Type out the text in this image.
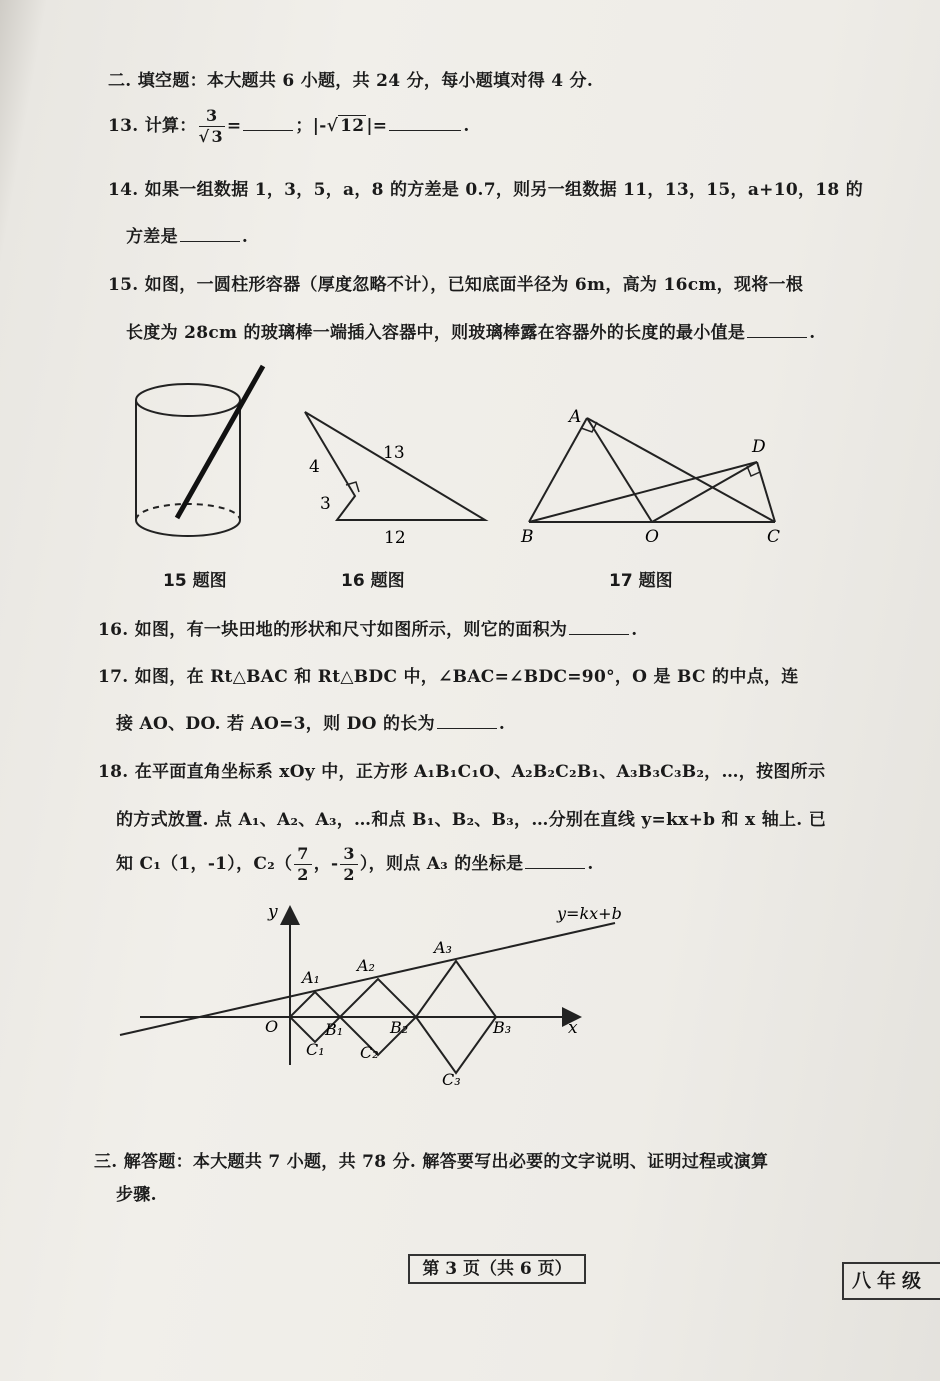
二. 填空题：本大题共 6 小题，共 24 分，每小题填对得 4 分.
13. 计算： $\frac{3}{√ 3}$ =	；|-√ 12 |=	.
14. 如果一组数据 1，3，5，a，8 的方差是 0.7，则另一组数据 11，13，15，a+10，18 的
方差是	.
15. 如图，一圆柱形容器（厚度忽略不计），已知底面半径为 6m，高为 16cm，现将一根
长度为 28cm 的玻璃棒一端插入容器中，则玻璃棒露在容器外的长度的最小值是	.
15 题图
4
3
13
12
16 题图
A
D
B	O	C
17 题图
16. 如图，有一块田地的形状和尺寸如图所示，则它的面积为	.
17. 如图，在 Rt△BAC 和 Rt△BDC 中，∠BAC=∠BDC=90°，O 是 BC 的中点，连
接 AO、DO. 若 AO=3，则 DO 的长为	.
18. 在平面直角坐标系 xOy 中，正方形 A₁B₁C₁O、A₂B₂C₂B₁、A₃B₃C₃B₂，…，按图所示
的方式放置. 点 A₁、A₂、A₃，…和点 B₁、B₂、B₃，…分别在直线 y=kx+b 和 x 轴上. 已
知 C₁（1，-1），$C_2( \frac{7}{2}$ ，- $\frac{3}{2}$ ），则点 A₃ 的坐标是	.
y
x
O
y=kx+b
A₁
A₂
A₃
B₁	B₂	B₃
C₁ C₂
C₃
三. 解答题：本大题共 7 小题，共 78 分. 解答要写出必要的文字说明、证明过程或演算
步骤.
第 3 页（共 6 页）
八年级
